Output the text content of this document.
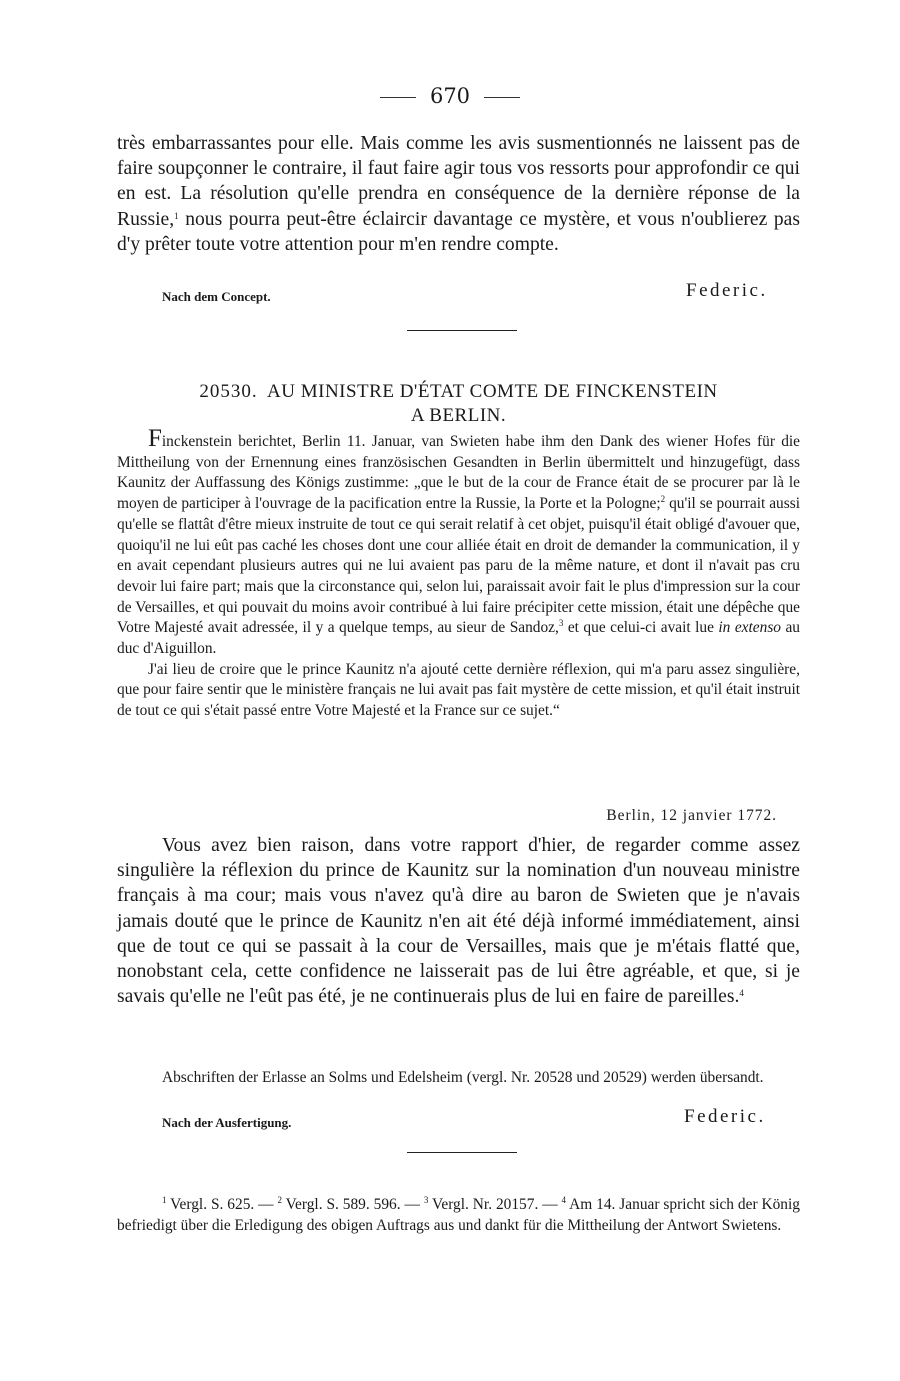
670

très embarrassantes pour elle. Mais comme les avis susmentionnés ne laissent pas de faire soupçonner le contraire, il faut faire agir tous vos ressorts pour approfondir ce qui en est. La résolution qu'elle prendra en conséquence de la dernière réponse de la Russie,$^1$ nous pourra peut-être éclaircir davantage ce mystère, et vous n'oublierez pas d'y prêter toute votre attention pour m'en rendre compte.

Nach dem Concept.	Federic.
20530. AU MINISTRE D'ÉTAT COMTE DE FINCKENSTEIN
A BERLIN.

Finckenstein berichtet, Berlin 11. Januar, van Swieten habe ihm den Dank des wiener Hofes für die Mittheilung von der Ernennung eines französischen Gesandten in Berlin übermittelt und hinzugefügt, dass Kaunitz der Auffassung des Königs zustimme: „que le but de la cour de France était de se procurer par là le moyen de participer à l'ouvrage de la pacification entre la Russie, la Porte et la Pologne;$^2$ qu'il se pourrait aussi qu'elle se flattât d'être mieux instruite de tout ce qui serait relatif à cet objet, puisqu'il était obligé d'avouer que, quoiqu'il ne lui eût pas caché les choses dont une cour alliée était en droit de demander la communication, il y en avait cependant plusieurs autres qui ne lui avaient pas paru de la même nature, et dont il n'avait pas cru devoir lui faire part; mais que la circonstance qui, selon lui, paraissait avoir fait le plus d'impression sur la cour de Versailles, et qui pouvait du moins avoir contribué à lui faire précipiter cette mission, était une dépêche que Votre Majesté avait adressée, il y a quelque temps, au sieur de Sandoz,$^3$ et que celui-ci avait lue in extenso au duc d'Aiguillon.

J'ai lieu de croire que le prince Kaunitz n'a ajouté cette dernière réflexion, qui m'a paru assez singulière, que pour faire sentir que le ministère français ne lui avait pas fait mystère de cette mission, et qu'il était instruit de tout ce qui s'était passé entre Votre Majesté et la France sur ce sujet.“

Berlin, 12 janvier 1772.

Vous avez bien raison, dans votre rapport d'hier, de regarder comme assez singulière la réflexion du prince de Kaunitz sur la nomination d'un nouveau ministre français à ma cour; mais vous n'avez qu'à dire au baron de Swieten que je n'avais jamais douté que le prince de Kaunitz n'en ait été déjà informé immédiatement, ainsi que de tout ce qui se passait à la cour de Versailles, mais que je m'étais flatté que, nonobstant cela, cette confidence ne laisserait pas de lui être agréable, et que, si je savais qu'elle ne l'eût pas été, je ne continuerais plus de lui en faire de pareilles.$^4$

Abschriften der Erlasse an Solms und Edelsheim (vergl. Nr. 20528 und 20529) werden übersandt.

Nach der Ausfertigung.	Federic.

$^1$ Vergl. S. 625. — $^2$ Vergl. S. 589. 596. — $^3$ Vergl. Nr. 20157. — $^4$ Am 14. Januar spricht sich der König befriedigt über die Erledigung des obigen Auftrags aus und dankt für die Mittheilung der Antwort Swietens.
